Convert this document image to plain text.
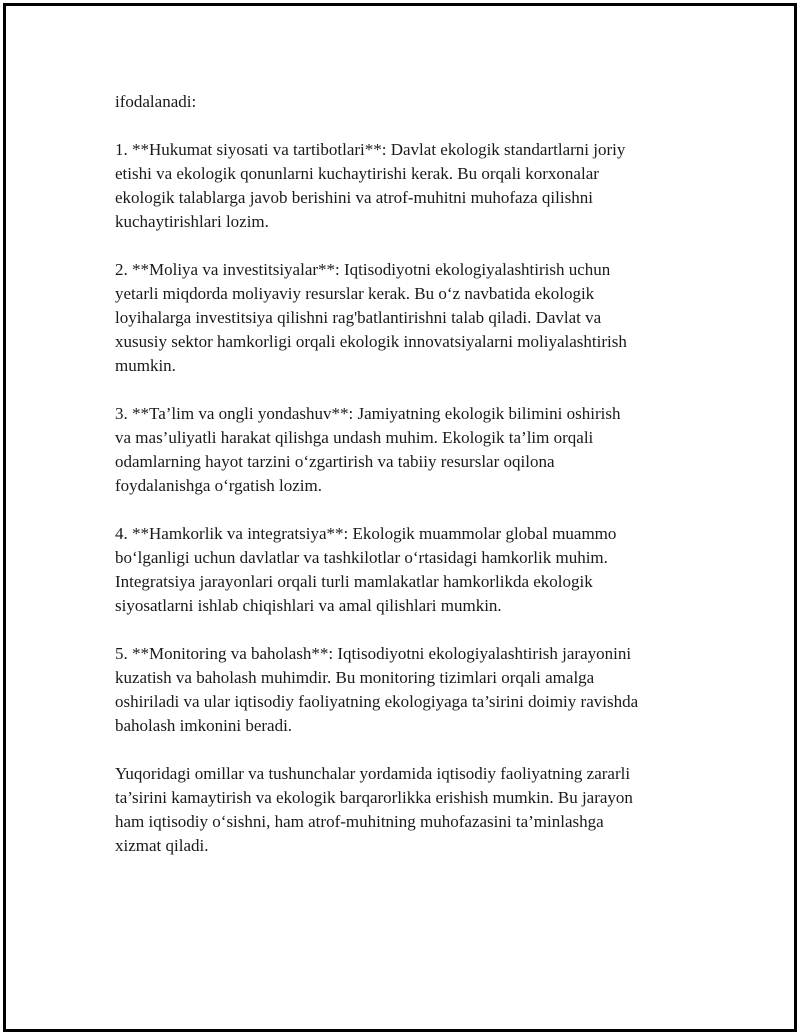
ifodalanadi:

1. **Hukumat siyosati va tartibotlari**: Davlat ekologik standartlarni joriy
etishi va ekologik qonunlarni kuchaytirishi kerak. Bu orqali korxonalar
ekologik talablarga javob berishini va atrof-muhitni muhofaza qilishni
kuchaytirishlari lozim.

2. **Moliya va investitsiyalar**: Iqtisodiyotni ekologiyalashtirish uchun
yetarli miqdorda moliyaviy resurslar kerak. Bu o‘z navbatida ekologik
loyihalarga investitsiya qilishni rag'batlantirishni talab qiladi. Davlat va
xususiy sektor hamkorligi orqali ekologik innovatsiyalarni moliyalashtirish
mumkin.

3. **Ta’lim va ongli yondashuv**: Jamiyatning ekologik bilimini oshirish
va mas’uliyatli harakat qilishga undash muhim. Ekologik ta’lim orqali
odamlarning hayot tarzini o‘zgartirish va tabiiy resurslar oqilona
foydalanishga o‘rgatish lozim.

4. **Hamkorlik va integratsiya**: Ekologik muammolar global muammo
bo‘lganligi uchun davlatlar va tashkilotlar o‘rtasidagi hamkorlik muhim.
Integratsiya jarayonlari orqali turli mamlakatlar hamkorlikda ekologik
siyosatlarni ishlab chiqishlari va amal qilishlari mumkin.

5. **Monitoring va baholash**: Iqtisodiyotni ekologiyalashtirish jarayonini
kuzatish va baholash muhimdir. Bu monitoring tizimlari orqali amalga
oshiriladi va ular iqtisodiy faoliyatning ekologiyaga ta’sirini doimiy ravishda
baholash imkonini beradi.

Yuqoridagi omillar va tushunchalar yordamida iqtisodiy faoliyatning zararli
ta’sirini kamaytirish va ekologik barqarorlikka erishish mumkin. Bu jarayon
ham iqtisodiy o‘sishni, ham atrof-muhitning muhofazasini ta’minlashga
xizmat qiladi.
